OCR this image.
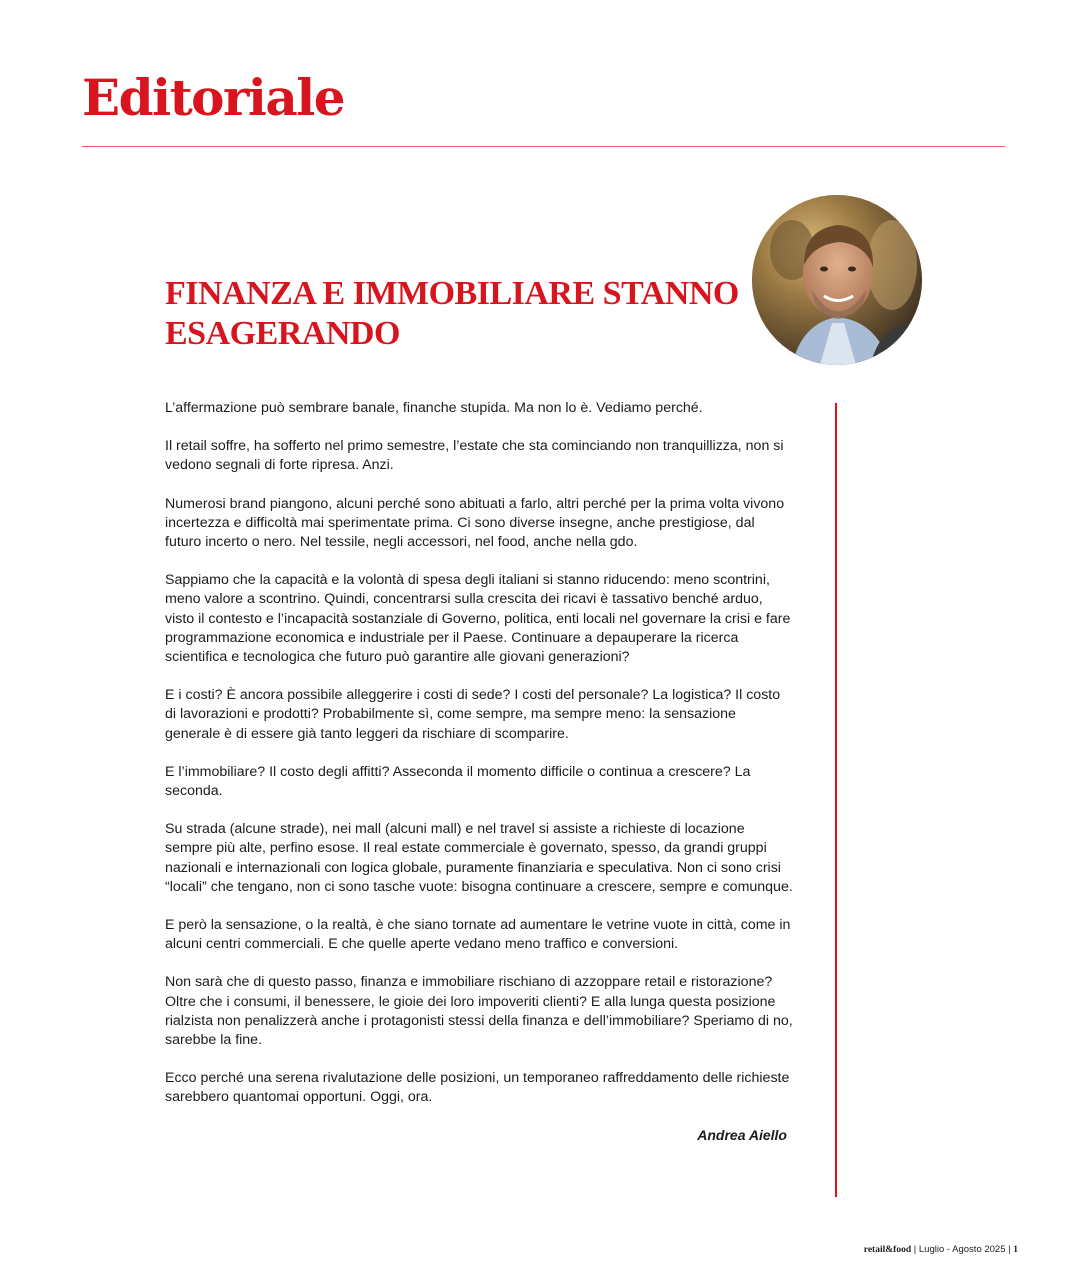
Editoriale
FINANZA E IMMOBILIARE STANNO
ESAGERANDO

L’affermazione può sembrare banale, finanche stupida. Ma non lo è. Vediamo perché.

Il retail soffre, ha sofferto nel primo semestre, l’estate che sta cominciando non tranquillizza, non si vedono segnali di forte ripresa. Anzi.

Numerosi brand piangono, alcuni perché sono abituati a farlo, altri perché per la prima volta vivono incertezza e difficoltà mai sperimentate prima. Ci sono diverse insegne, anche prestigiose, dal futuro incerto o nero. Nel tessile, negli accessori, nel food, anche nella gdo.

Sappiamo che la capacità e la volontà di spesa degli italiani si stanno riducendo: meno scontrini, meno valore a scontrino. Quindi, concentrarsi sulla crescita dei ricavi è tassativo benché arduo, visto il contesto e l’incapacità sostanziale di Governo, politica, enti locali nel governare la crisi e fare programmazione economica e industriale per il Paese. Continuare a depauperare la ricerca scientifica e tecnologica che futuro può garantire alle giovani generazioni?

E i costi? È ancora possibile alleggerire i costi di sede? I costi del personale? La logistica? Il costo di lavorazioni e prodotti? Probabilmente sì, come sempre, ma sempre meno: la sensazione generale è di essere già tanto leggeri da rischiare di scomparire.

E l’immobiliare? Il costo degli affitti? Asseconda il momento difficile o continua a crescere? La seconda.

Su strada (alcune strade), nei mall (alcuni mall) e nel travel si assiste a richieste di locazione sempre più alte, perfino esose. Il real estate commerciale è governato, spesso, da grandi gruppi nazionali e internazionali con logica globale, puramente finanziaria e speculativa. Non ci sono crisi “locali” che tengano, non ci sono tasche vuote: bisogna continuare a crescere, sempre e comunque.

E però la sensazione, o la realtà, è che siano tornate ad aumentare le vetrine vuote in città, come in alcuni centri commerciali. E che quelle aperte vedano meno traffico e conversioni.

Non sarà che di questo passo, finanza e immobiliare rischiano di azzoppare retail e ristorazione? Oltre che i consumi, il benessere, le gioie dei loro impoveriti clienti? E alla lunga questa posizione rialzista non penalizzerà anche i protagonisti stessi della finanza e dell’immobiliare? Speriamo di no, sarebbe la fine.

Ecco perché una serena rivalutazione delle posizioni, un temporaneo raffreddamento delle richieste sarebbero quantomai opportuni. Oggi, ora.

Andrea Aiello
retail&food | Luglio - Agosto 2025 | 1
